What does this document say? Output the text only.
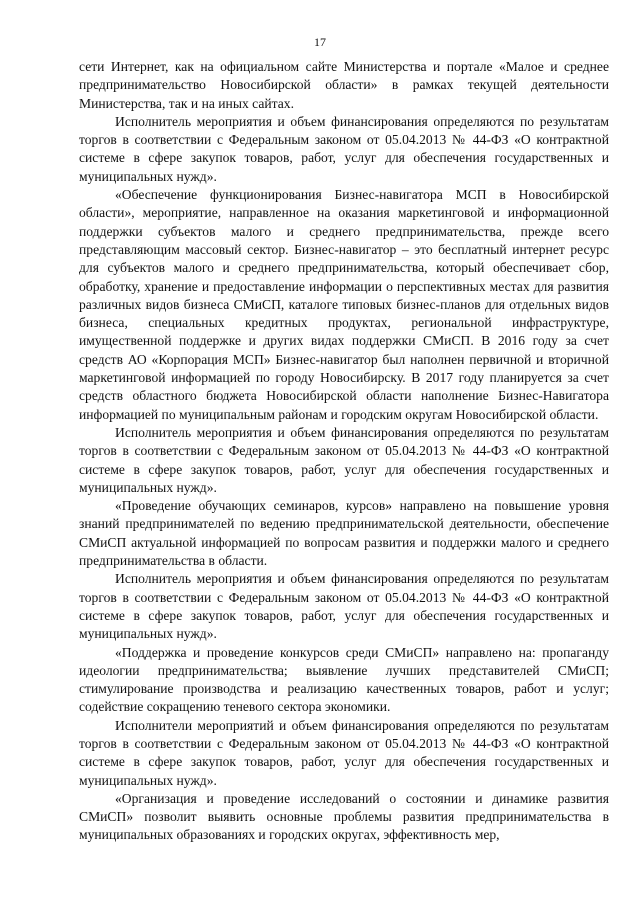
17

сети Интернет, как на официальном сайте Министерства и портале «Малое и среднее предпринимательство Новосибирской области» в рамках текущей деятельности Министерства, так и на иных сайтах.

Исполнитель мероприятия и объем финансирования определяются по результатам торгов в соответствии с Федеральным законом от 05.04.2013 № 44-ФЗ «О контрактной системе в сфере закупок товаров, работ, услуг для обеспечения государственных и муниципальных нужд».

«Обеспечение функционирования Бизнес-навигатора МСП в Новосибирской области», мероприятие, направленное на оказания маркетинговой и информационной поддержки субъектов малого и среднего предпринимательства, прежде всего представляющим массовый сектор. Бизнес-навигатор – это бесплатный интернет ресурс для субъектов малого и среднего предпринимательства, который обеспечивает сбор, обработку, хранение и предоставление информации о перспективных местах для развития различных видов бизнеса СМиСП, каталоге типовых бизнес-планов для отдельных видов бизнеса, специальных кредитных продуктах, региональной инфраструктуре, имущественной поддержке и других видах поддержки СМиСП. В 2016 году за счет средств АО «Корпорация МСП» Бизнес-навигатор был наполнен первичной и вторичной маркетинговой информацией по городу Новосибирску. В 2017 году планируется за счет средств областного бюджета Новосибирской области наполнение Бизнес-Навигатора информацией по муниципальным районам и городским округам Новосибирской области.

Исполнитель мероприятия и объем финансирования определяются по результатам торгов в соответствии с Федеральным законом от 05.04.2013 № 44-ФЗ «О контрактной системе в сфере закупок товаров, работ, услуг для обеспечения государственных и муниципальных нужд».

«Проведение обучающих семинаров, курсов» направлено на повышение уровня знаний предпринимателей по ведению предпринимательской деятельности, обеспечение СМиСП актуальной информацией по вопросам развития и поддержки малого и среднего предпринимательства в области.

Исполнитель мероприятия и объем финансирования определяются по результатам торгов в соответствии с Федеральным законом от 05.04.2013 № 44-ФЗ «О контрактной системе в сфере закупок товаров, работ, услуг для обеспечения государственных и муниципальных нужд».

«Поддержка и проведение конкурсов среди СМиСП» направлено на: пропаганду идеологии предпринимательства; выявление лучших представителей СМиСП; стимулирование производства и реализацию качественных товаров, работ и услуг; содействие сокращению теневого сектора экономики.

Исполнители мероприятий и объем финансирования определяются по результатам торгов в соответствии с Федеральным законом от 05.04.2013 № 44-ФЗ «О контрактной системе в сфере закупок товаров, работ, услуг для обеспечения государственных и муниципальных нужд».

«Организация и проведение исследований о состоянии и динамике развития СМиСП» позволит выявить основные проблемы развития предпринимательства в муниципальных образованиях и городских округах, эффективность мер,
